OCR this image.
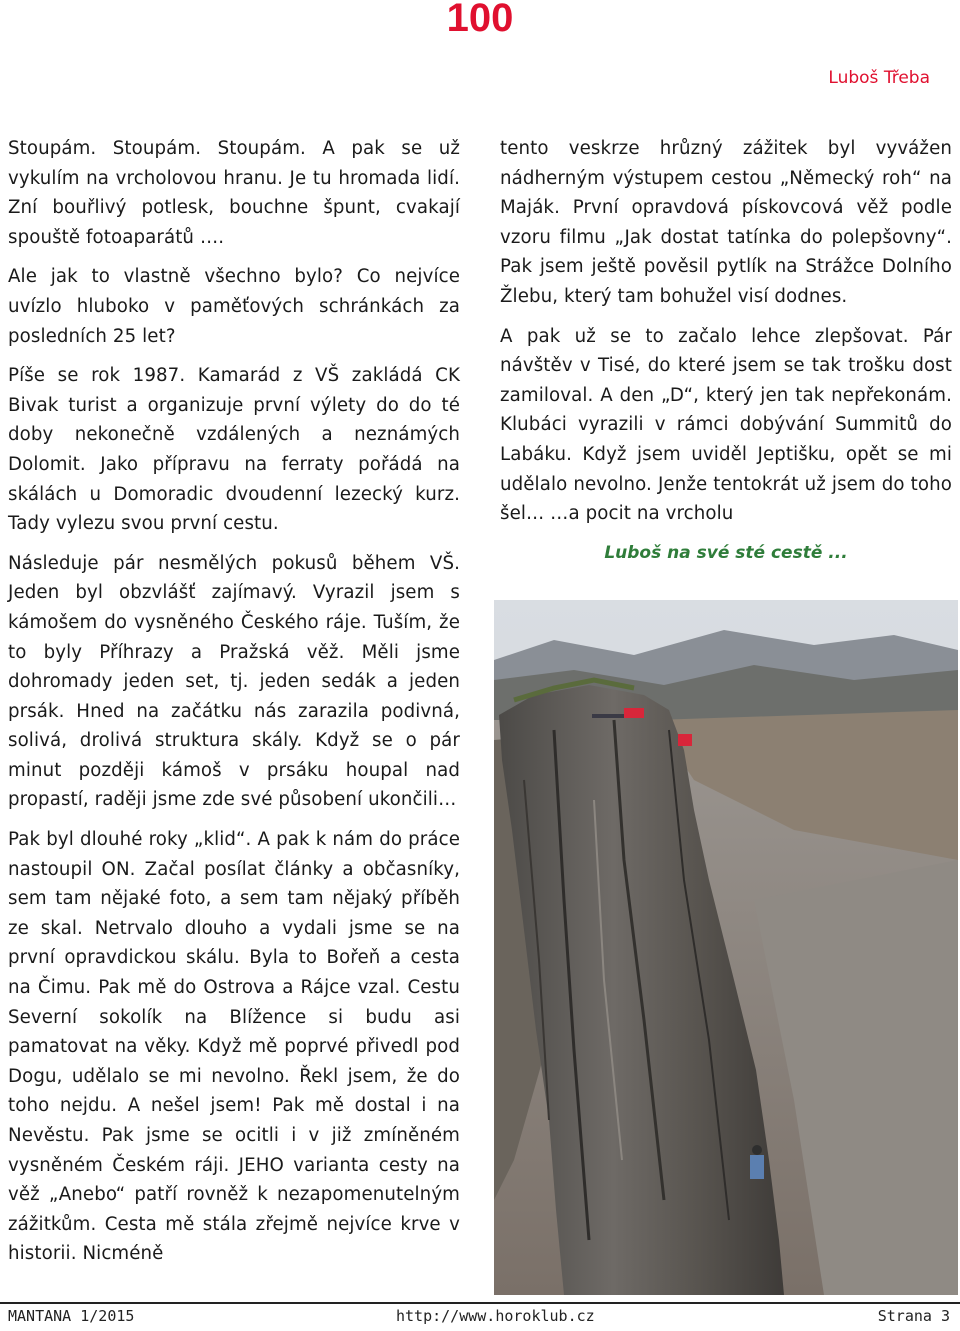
100
Luboš Třeba

Stoupám. Stoupám. Stoupám. A pak se už vykulím na vrcholovou hranu. Je tu hromada lidí. Zní bouřlivý potlesk, bouchne špunt, cvakají spouště fotoaparátů ….

Ale jak to vlastně všechno bylo? Co nejvíce uvízlo hluboko v paměťových schránkách za posledních 25 let?

Píše se rok 1987. Kamarád z VŠ zakládá CK Bivak turist a organizuje první výlety do do té doby nekonečně vzdálených a neznámých Dolomit. Jako přípravu na ferraty pořádá na skálách u Domoradic dvoudenní lezecký kurz. Tady vylezu svou první cestu.

Následuje pár nesmělých pokusů během VŠ. Jeden byl obzvlášť zajímavý. Vyrazil jsem s kámošem do vysněného Českého ráje. Tuším, že to byly Příhrazy a Pražská věž. Měli jsme dohromady jeden set, tj. jeden sedák a jeden prsák. Hned na začátku nás zarazila podivná, solivá, drolivá struktura skály. Když se o pár minut později kámoš v prsáku houpal nad propastí, raději jsme zde své působení ukončili…

Pak byl dlouhé roky „klid“. A pak k nám do práce nastoupil ON. Začal posílat články a občasníky, sem tam nějaké foto, a sem tam nějaký příběh ze skal. Netrvalo dlouho a vydali jsme se na první opravdickou skálu. Byla to Bořeň a cesta na Čimu. Pak mě do Ostrova a Rájce vzal. Cestu Severní sokolík na Blížence si budu asi pamatovat na věky. Když mě poprvé přivedl pod Dogu, udělalo se mi nevolno. Řekl jsem, že do toho nejdu. A nešel jsem! Pak mě dostal i na Nevěstu. Pak jsme se ocitli i v již zmíněném vysněném Českém ráji. JEHO varianta cesty na věž „Anebo“ patří rovněž k nezapomenutelným zážitkům. Cesta mě stála zřejmě nejvíce krve v historii. Nicméně

tento veskrze hrůzný zážitek byl vyvážen nádherným výstupem cestou „Německý roh“ na Maják. První opravdová pískovcová věž podle vzoru filmu „Jak dostat tatínka do polepšovny“. Pak jsem ještě pověsil pytlík na Strážce Dolního Žlebu, který tam bohužel visí dodnes.

A pak už se to začalo lehce zlepšovat. Pár návštěv v Tisé, do které jsem se tak trošku dost zamiloval. A den „D“, který jen tak nepřekonám. Klubáci vyrazili v rámci dobývání Summitů do Labáku. Když jsem uviděl Jeptišku, opět se mi udělalo nevolno. Jenže tentokrát už jsem do toho šel… …a pocit na vrcholu

Luboš na své sté cestě ...

MANTANA 1/2015	http://www.horoklub.cz	Strana 3
